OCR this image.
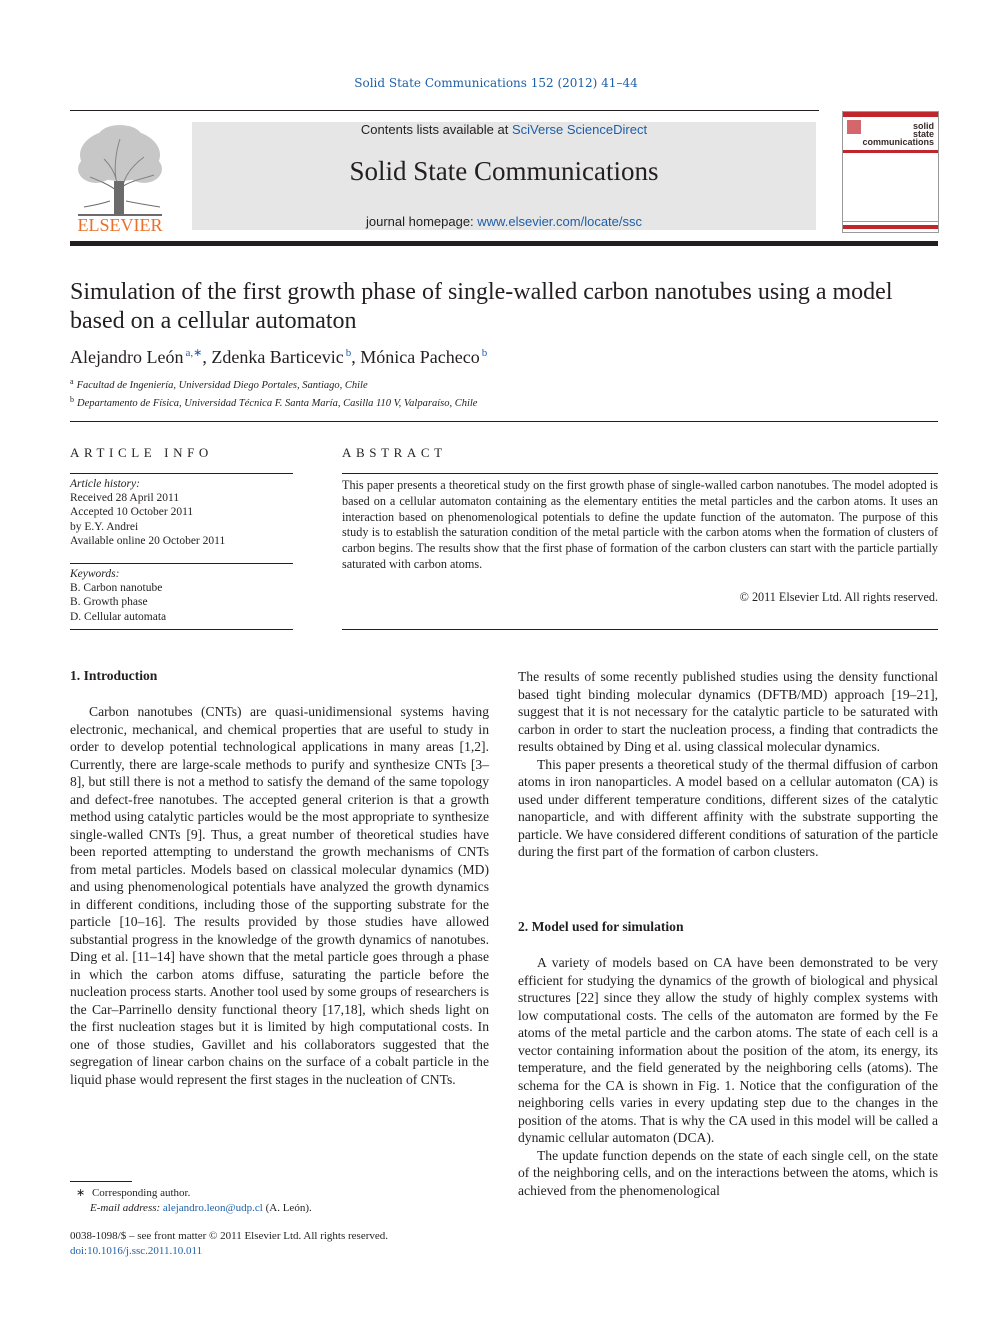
Solid State Communications 152 (2012) 41–44
ELSEVIER
Contents lists available at SciVerse ScienceDirect
Solid State Communications
journal homepage: www.elsevier.com/locate/ssc
solid
state
communications
Simulation of the first growth phase of single-walled carbon nanotubes using a model based on a cellular automaton
Alejandro León $^{a,∗}$, Zdenka Barticevic $^b$, Mónica Pacheco $^b$
$^a$ Facultad de Ingeniería, Universidad Diego Portales, Santiago, Chile
$^b$ Departamento de Física, Universidad Técnica F. Santa María, Casilla 110 V, Valparaíso, Chile
ARTICLE INFO
Article history:
Received 28 April 2011
Accepted 10 October 2011
by E.Y. Andrei
Available online 20 October 2011
Keywords:
B. Carbon nanotube
B. Growth phase
D. Cellular automata
ABSTRACT
This paper presents a theoretical study on the first growth phase of single-walled carbon nanotubes. The model adopted is based on a cellular automaton containing as the elementary entities the metal particles and the carbon atoms. It uses an interaction based on phenomenological potentials to define the update function of the automaton. The purpose of this study is to establish the saturation condition of the metal particle with the carbon atoms when the formation of clusters of carbon begins. The results show that the first phase of formation of the carbon clusters can start with the particle partially saturated with carbon atoms.
© 2011 Elsevier Ltd. All rights reserved.
1. Introduction

Carbon nanotubes (CNTs) are quasi-unidimensional systems having electronic, mechanical, and chemical properties that are useful to study in order to develop potential technological applications in many areas [1,2]. Currently, there are large-scale methods to purify and synthesize CNTs [3–8], but still there is not a method to satisfy the demand of the same topology and defect-free nanotubes. The accepted general criterion is that a growth method using catalytic particles would be the most appropriate to synthesize single-walled CNTs [9]. Thus, a great number of theoretical studies have been reported attempting to understand the growth mechanisms of CNTs from metal particles. Models based on classical molecular dynamics (MD) and using phenomenological potentials have analyzed the growth dynamics in different conditions, including those of the supporting substrate for the particle [10–16]. The results provided by those studies have allowed substantial progress in the knowledge of the growth dynamics of nanotubes. Ding et al. [11–14] have shown that the metal particle goes through a phase in which the carbon atoms diffuse, saturating the particle before the nucleation process starts. Another tool used by some groups of researchers is the Car–Parrinello density functional theory [17,18], which sheds light on the first nucleation stages but it is limited by high computational costs. In one of those studies, Gavillet and his collaborators suggested that the segregation of linear carbon chains on the surface of a cobalt particle in the liquid phase would represent the first stages in the nucleation of CNTs.

∗ Corresponding author.
E-mail address: alejandro.leon@udp.cl (A. León).
0038-1098/$ – see front matter © 2011 Elsevier Ltd. All rights reserved.
doi:10.1016/j.ssc.2011.10.011

The results of some recently published studies using the density functional based tight binding molecular dynamics (DFTB/MD) approach [19–21], suggest that it is not necessary for the catalytic particle to be saturated with carbon in order to start the nucleation process, a finding that contradicts the results obtained by Ding et al. using classical molecular dynamics.

This paper presents a theoretical study of the thermal diffusion of carbon atoms in iron nanoparticles. A model based on a cellular automaton (CA) is used under different temperature conditions, different sizes of the catalytic nanoparticle, and with different affinity with the substrate supporting the particle. We have considered different conditions of saturation of the particle during the first part of the formation of carbon clusters.

2. Model used for simulation

A variety of models based on CA have been demonstrated to be very efficient for studying the dynamics of the growth of biological and physical structures [22] since they allow the study of highly complex systems with low computational costs. The cells of the automaton are formed by the Fe atoms of the metal particle and the carbon atoms. The state of each cell is a vector containing information about the position of the atom, its energy, its temperature, and the field generated by the neighboring cells (atoms). The schema for the CA is shown in Fig. 1. Notice that the configuration of the neighboring cells varies in every updating step due to the changes in the position of the atoms. That is why the CA used in this model will be called a dynamic cellular automaton (DCA).

The update function depends on the state of each single cell, on the state of the neighboring cells, and on the interactions between the atoms, which is achieved from the phenomenological
